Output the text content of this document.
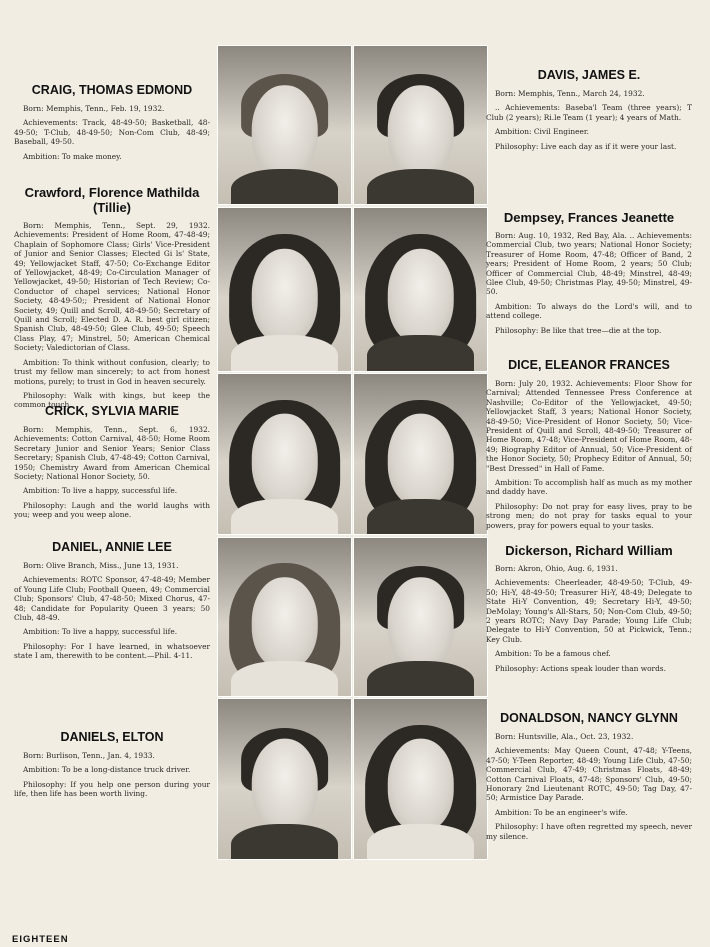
CRAIG, THOMAS EDMOND

Born: Memphis, Tenn., Feb. 19, 1932.

Achievements: Track, 48-49-50; Basketball, 48-49-50; T-Club, 48-49-50; Non-Com Club, 48-49; Baseball, 49-50.

Ambition: To make money.

Crawford, Florence Mathilda (Tillie)

Born: Memphis, Tenn., Sept. 29, 1932. Achievements: President of Home Room, 47-48-49; Chaplain of Sophomore Class; Girls' Vice-President of Junior and Senior Classes; Elected Gi ls' State, 49; Yellowjacket Staff, 47-50; Co-Exchange Editor of Yellowjacket, 48-49; Co-Circulation Manager of Yellowjacket, 49-50; Historian of Tech Review; Co-Conductor of chapel services; National Honor Society, 48-49-50;; President of National Honor Society, 49; Quill and Scroll, 48-49-50; Secretary of Quill and Scroll; Elected D. A. R. best girl citizen; Spanish Club, 48-49-50; Glee Club, 49-50; Speech Class Play, 47; Minstrel, 50; American Chemical Society; Valedictorian of Class.

Ambition: To think without confusion, clearly; to trust my fellow man sincerely; to act from honest motions, purely; to trust in God in heaven securely.

Philosophy: Walk with kings, but keep the common touch.

CRICK, SYLVIA MARIE

Born: Memphis, Tenn., Sept. 6, 1932. Achievements: Cotton Carnival, 48-50; Home Room Secretary Junior and Senior Years; Senior Class Secretary; Spanish Club, 47-48-49; Cotton Carnival, 1950; Chemistry Award from American Chemical Society; National Honor Society, 50.

Ambition: To live a happy, successful life.

Philosophy: Laugh and the world laughs with you; weep and you weep alone.

DANIEL, ANNIE LEE

Born: Olive Branch, Miss., June 13, 1931.

Achievements: ROTC Sponsor, 47-48-49; Member of Young Life Club; Football Queen, 49; Commercial Club; Sponsors' Club, 47-48-50; Mixed Chorus, 47-48; Candidate for Popularity Queen 3 years; 50 Club, 48-49.

Ambition: To live a happy, successful life.

Philosophy: For I have learned, in whatsoever state I am, therewith to be content.—Phil. 4-11.

DANIELS, ELTON

Born: Burlison, Tenn., Jan. 4, 1933.

Ambition: To be a long-distance truck driver.

Philosophy: If you help one person during your life, then life has been worth living.

DAVIS, JAMES E.

Born: Memphis, Tenn., March 24, 1932.

.. Achievements: Baseba'l Team (three years); T Club (2 years); Ri.le Team (1 year); 4 years of Math.

Ambition: Civil Engineer.

Philosophy: Live each day as if it were your last.

Dempsey, Frances Jeanette

Born: Aug. 10, 1932, Red Bay, Ala. .. Achievements: Commercial Club, two years; National Honor Society; Treasurer of Home Room, 47-48; Officer of Band, 2 years; President of Home Room, 2 years; 50 Club; Officer of Commercial Club, 48-49; Minstrel, 48-49; Glee Club, 49-50; Christmas Play, 49-50; Minstrel, 49-50.

Ambition: To always do the Lord's will, and to attend college.

Philosophy: Be like that tree—die at the top.

DICE, ELEANOR FRANCES

Born: July 20, 1932. Achievements: Floor Show for Carnival; Attended Tennessee Press Conference at Nashville; Co-Editor of the Yellowjacket, 49-50; Yellowjacket Staff, 3 years; National Honor Society, 48-49-50; Vice-President of Honor Society, 50; Vice-President of Quill and Scroll, 48-49-50; Treasurer of Home Room, 47-48; Vice-President of Home Room, 48-49; Biography Editor of Annual, 50; Vice-President of the Honor Society, 50; Prophecy Editor of Annual, 50; "Best Dressed" in Hall of Fame.

Ambition: To accomplish half as much as my mother and daddy have.

Philosophy: Do not pray for easy lives, pray to be strong men; do not pray for tasks equal to your powers, pray for powers equal to your tasks.

Dickerson, Richard William

Born: Akron, Ohio, Aug. 6, 1931.

Achievements: Cheerleader, 48-49-50; T-Club, 49-50; Hi-Y, 48-49-50; Treasurer Hi-Y, 48-49; Delegate to State Hi-Y Convention, 49; Secretary Hi-Y, 49-50; DeMolay; Young's All-Stars, 50; Non-Com Club, 49-50; 2 years ROTC; Navy Day Parade; Young Life Club; Delegate to Hi-Y Convention, 50 at Pickwick, Tenn.; Key Club.

Ambition: To be a famous chef.

Philosophy: Actions speak louder than words.

DONALDSON, NANCY GLYNN

Born: Huntsville, Ala., Oct. 23, 1932.

Achievements: May Queen Count, 47-48; Y-Teens, 47-50; Y-Teen Reporter, 48-49; Young Life Club, 47-50; Commercial Club, 47-49; Christmas Floats, 48-49; Cotton Carnival Floats, 47-48; Sponsors' Club, 49-50; Honorary 2nd Lieutenant ROTC, 49-50; Tag Day, 47-50; Armistice Day Parade.

Ambition: To be an engineer's wife.

Philosophy: I have often regretted my speech, never my silence.

EIGHTEEN
